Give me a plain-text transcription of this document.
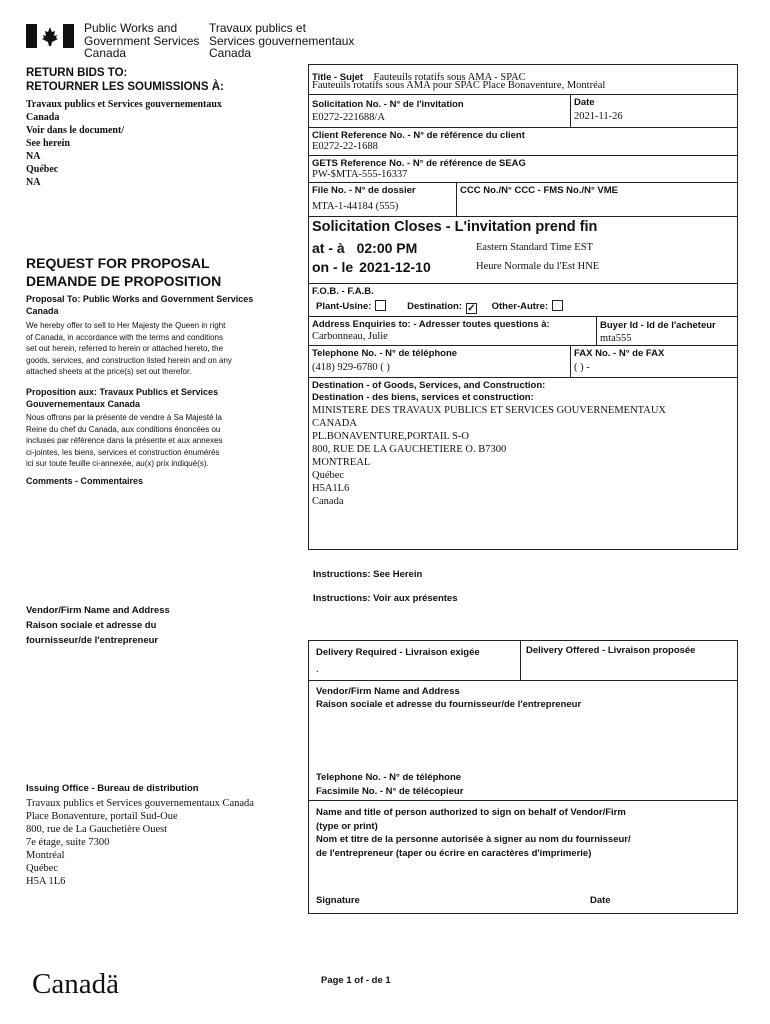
Public Works and
Government Services
Canada
Travaux publics et
Services gouvernementaux
Canada
RETURN BIDS TO:
RETOURNER LES SOUMISSIONS À:
Travaux publics et Services gouvernementaux
Canada
Voir dans le document/
See herein
NA
Québec
NA
REQUEST FOR PROPOSAL
DEMANDE DE PROPOSITION
Proposal To: Public Works and Government Services Canada
We hereby offer to sell to Her Majesty the Queen in right
of Canada, in accordance with the terms and conditions
set out herein, referred to herein or attached hereto, the
goods, services, and construction listed herein and on any
attached sheets at the price(s) set out therefor.
Proposition aux: Travaux Publics et Services Gouvernementaux Canada
Nous offrons par la présente de vendre à Sa Majesté la
Reine du chef du Canada, aux conditions énoncées ou
incluses par référence dans la présente et aux annexes
ci-jointes, les biens, services et construction énumérés
ici sur toute feuille ci-annexée, au(x) prix indiqué(s).
Comments - Commentaires
Title - Sujet Fauteuils rotatifs sous AMA - SPAC
Fauteuils rotatifs sous AMA pour SPAC Place Bonaventure, Montréal
Solicitation No. - N° de l'invitation
E0272-221688/A
Date
2021-11-26
Client Reference No. - N° de référence du client
E0272-22-1688
GETS Reference No. - N° de référence de SEAG
PW-$MTA-555-16337
File No. - N° de dossier
MTA-1-44184 (555)
CCC No./N° CCC - FMS No./N° VME
Solicitation Closes - L'invitation prend fin
at - à 02:00 PM
on - le 2021-12-10
Eastern Standard Time EST
Heure Normale du l'Est HNE
F.O.B. - F.A.B.
Plant-Usine:	Destination: ✓ Other-Autre:
Address Enquiries to: - Adresser toutes questions à:
Carbonneau, Julie
Buyer Id - Id de l'acheteur
mta555
Telephone No. - N° de téléphone
(418) 929-6780 ( )
FAX No. - N° de FAX
( ) -
Destination - of Goods, Services, and Construction:
Destination - des biens, services et construction:
MINISTERE DES TRAVAUX PUBLICS ET SERVICES GOUVERNEMENTAUX
CANADA
PL.BONAVENTURE,PORTAIL S-O
800, RUE DE LA GAUCHETIERE O. B7300
MONTREAL
Québec
H5A1L6
Canada
Instructions: See Herein
Instructions: Voir aux présentes
Vendor/Firm Name and Address
Raison sociale et adresse du
fournisseur/de l'entrepreneur
Delivery Required - Livraison exigée
.
Delivery Offered - Livraison proposée
Vendor/Firm Name and Address
Raison sociale et adresse du fournisseur/de l'entrepreneur
Telephone No. - N° de téléphone
Facsimile No. - N° de télécopieur
Name and title of person authorized to sign on behalf of Vendor/Firm
(type or print)
Nom et titre de la personne autorisée à signer au nom du fournisseur/
de l'entrepreneur (taper ou écrire en caractères d'imprimerie)
Signature	Date
Issuing Office - Bureau de distribution
Travaux publics et Services gouvernementaux Canada
Place Bonaventure, portail Sud-Oue
800, rue de La Gauchetière Ouest
7e étage, suite 7300
Montréal
Québec
H5A 1L6
Canadä	Page 1 of - de 1
